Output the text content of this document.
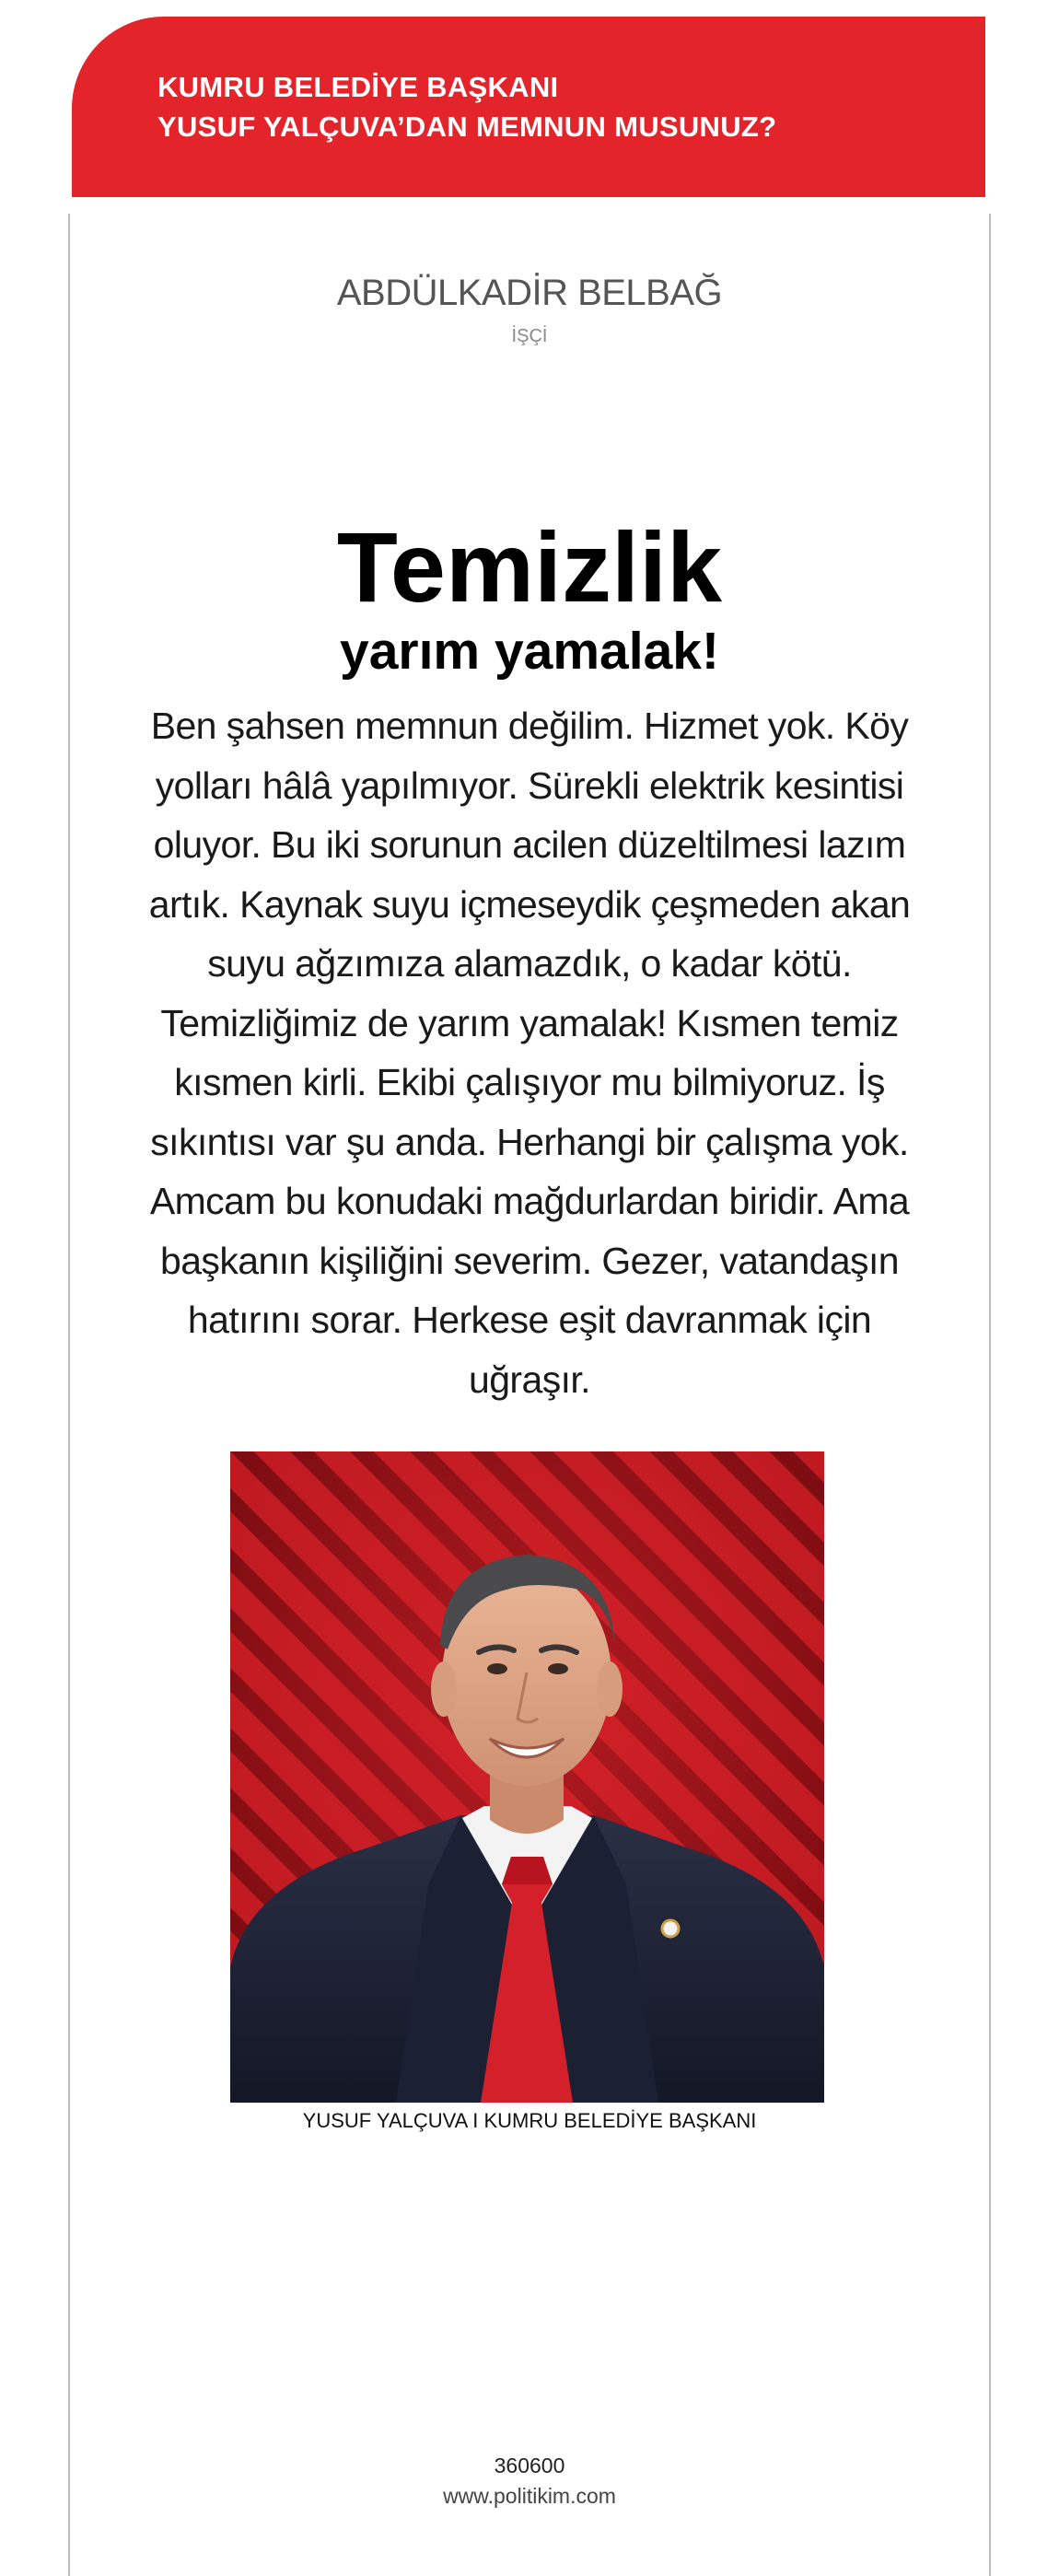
KUMRU BELEDİYE BAŞKANI
YUSUF YALÇUVA’DAN MEMNUN MUSUNUZ?
ABDÜLKADİR BELBAĞ
İŞÇİ
Temizlik
yarım yamalak!

Ben şahsen memnun değilim. Hizmet yok. Köy yolları hâlâ yapılmıyor. Sürekli elektrik kesintisi oluyor. Bu iki sorunun acilen düzeltilmesi lazım artık. Kaynak suyu içmeseydik çeşmeden akan suyu ağzımıza alamazdık, o kadar kötü. Temizliğimiz de yarım yamalak! Kısmen temiz kısmen kirli. Ekibi çalışıyor mu bilmiyoruz. İş sıkıntısı var şu anda. Herhangi bir çalışma yok. Amcam bu konudaki mağdurlardan biridir. Ama başkanın kişiliğini severim. Gezer, vatandaşın hatırını sorar. Herkese eşit davranmak için uğraşır.

YUSUF YALÇUVA I KUMRU BELEDİYE BAŞKANI
360600
www.politikim.com
